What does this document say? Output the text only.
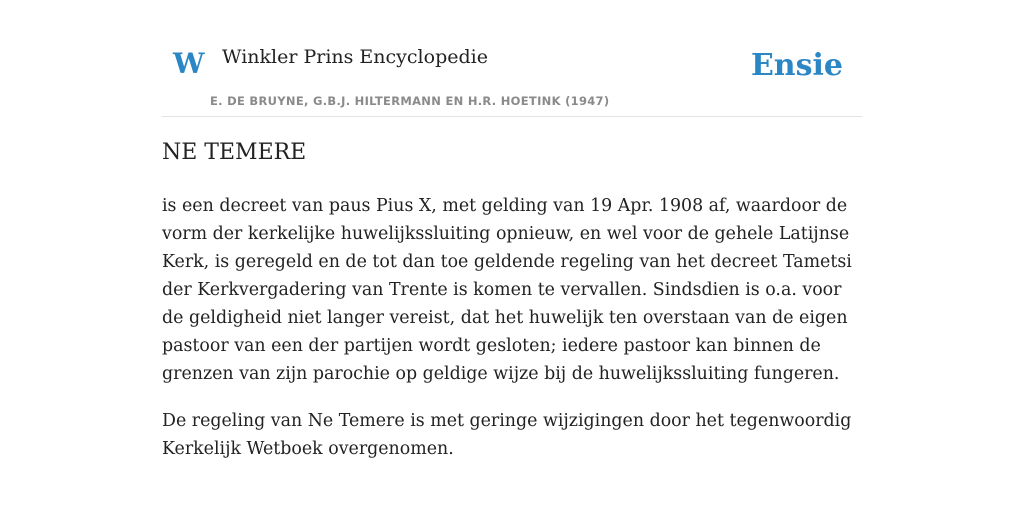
W Winkler Prins Encyclopedie
E. DE BRUYNE, G.B.J. HILTERMANN EN H.R. HOETINK (1947)
Ensie
NE TEMERE

is een decreet van paus Pius X, met gelding van 19 Apr. 1908 af, waardoor de vorm der kerkelijke huwelijkssluiting opnieuw, en wel voor de gehele Latijnse Kerk, is geregeld en de tot dan toe geldende regeling van het decreet Tametsi der Kerkvergadering van Trente is komen te vervallen. Sindsdien is o.a. voor de geldigheid niet langer vereist, dat het huwelijk ten overstaan van de eigen pastoor van een der partijen wordt gesloten; iedere pastoor kan binnen de grenzen van zijn parochie op geldige wijze bij de huwelijkssluiting fungeren.

De regeling van Ne Temere is met geringe wijzigingen door het tegenwoordig Kerkelijk Wetboek overgenomen.
